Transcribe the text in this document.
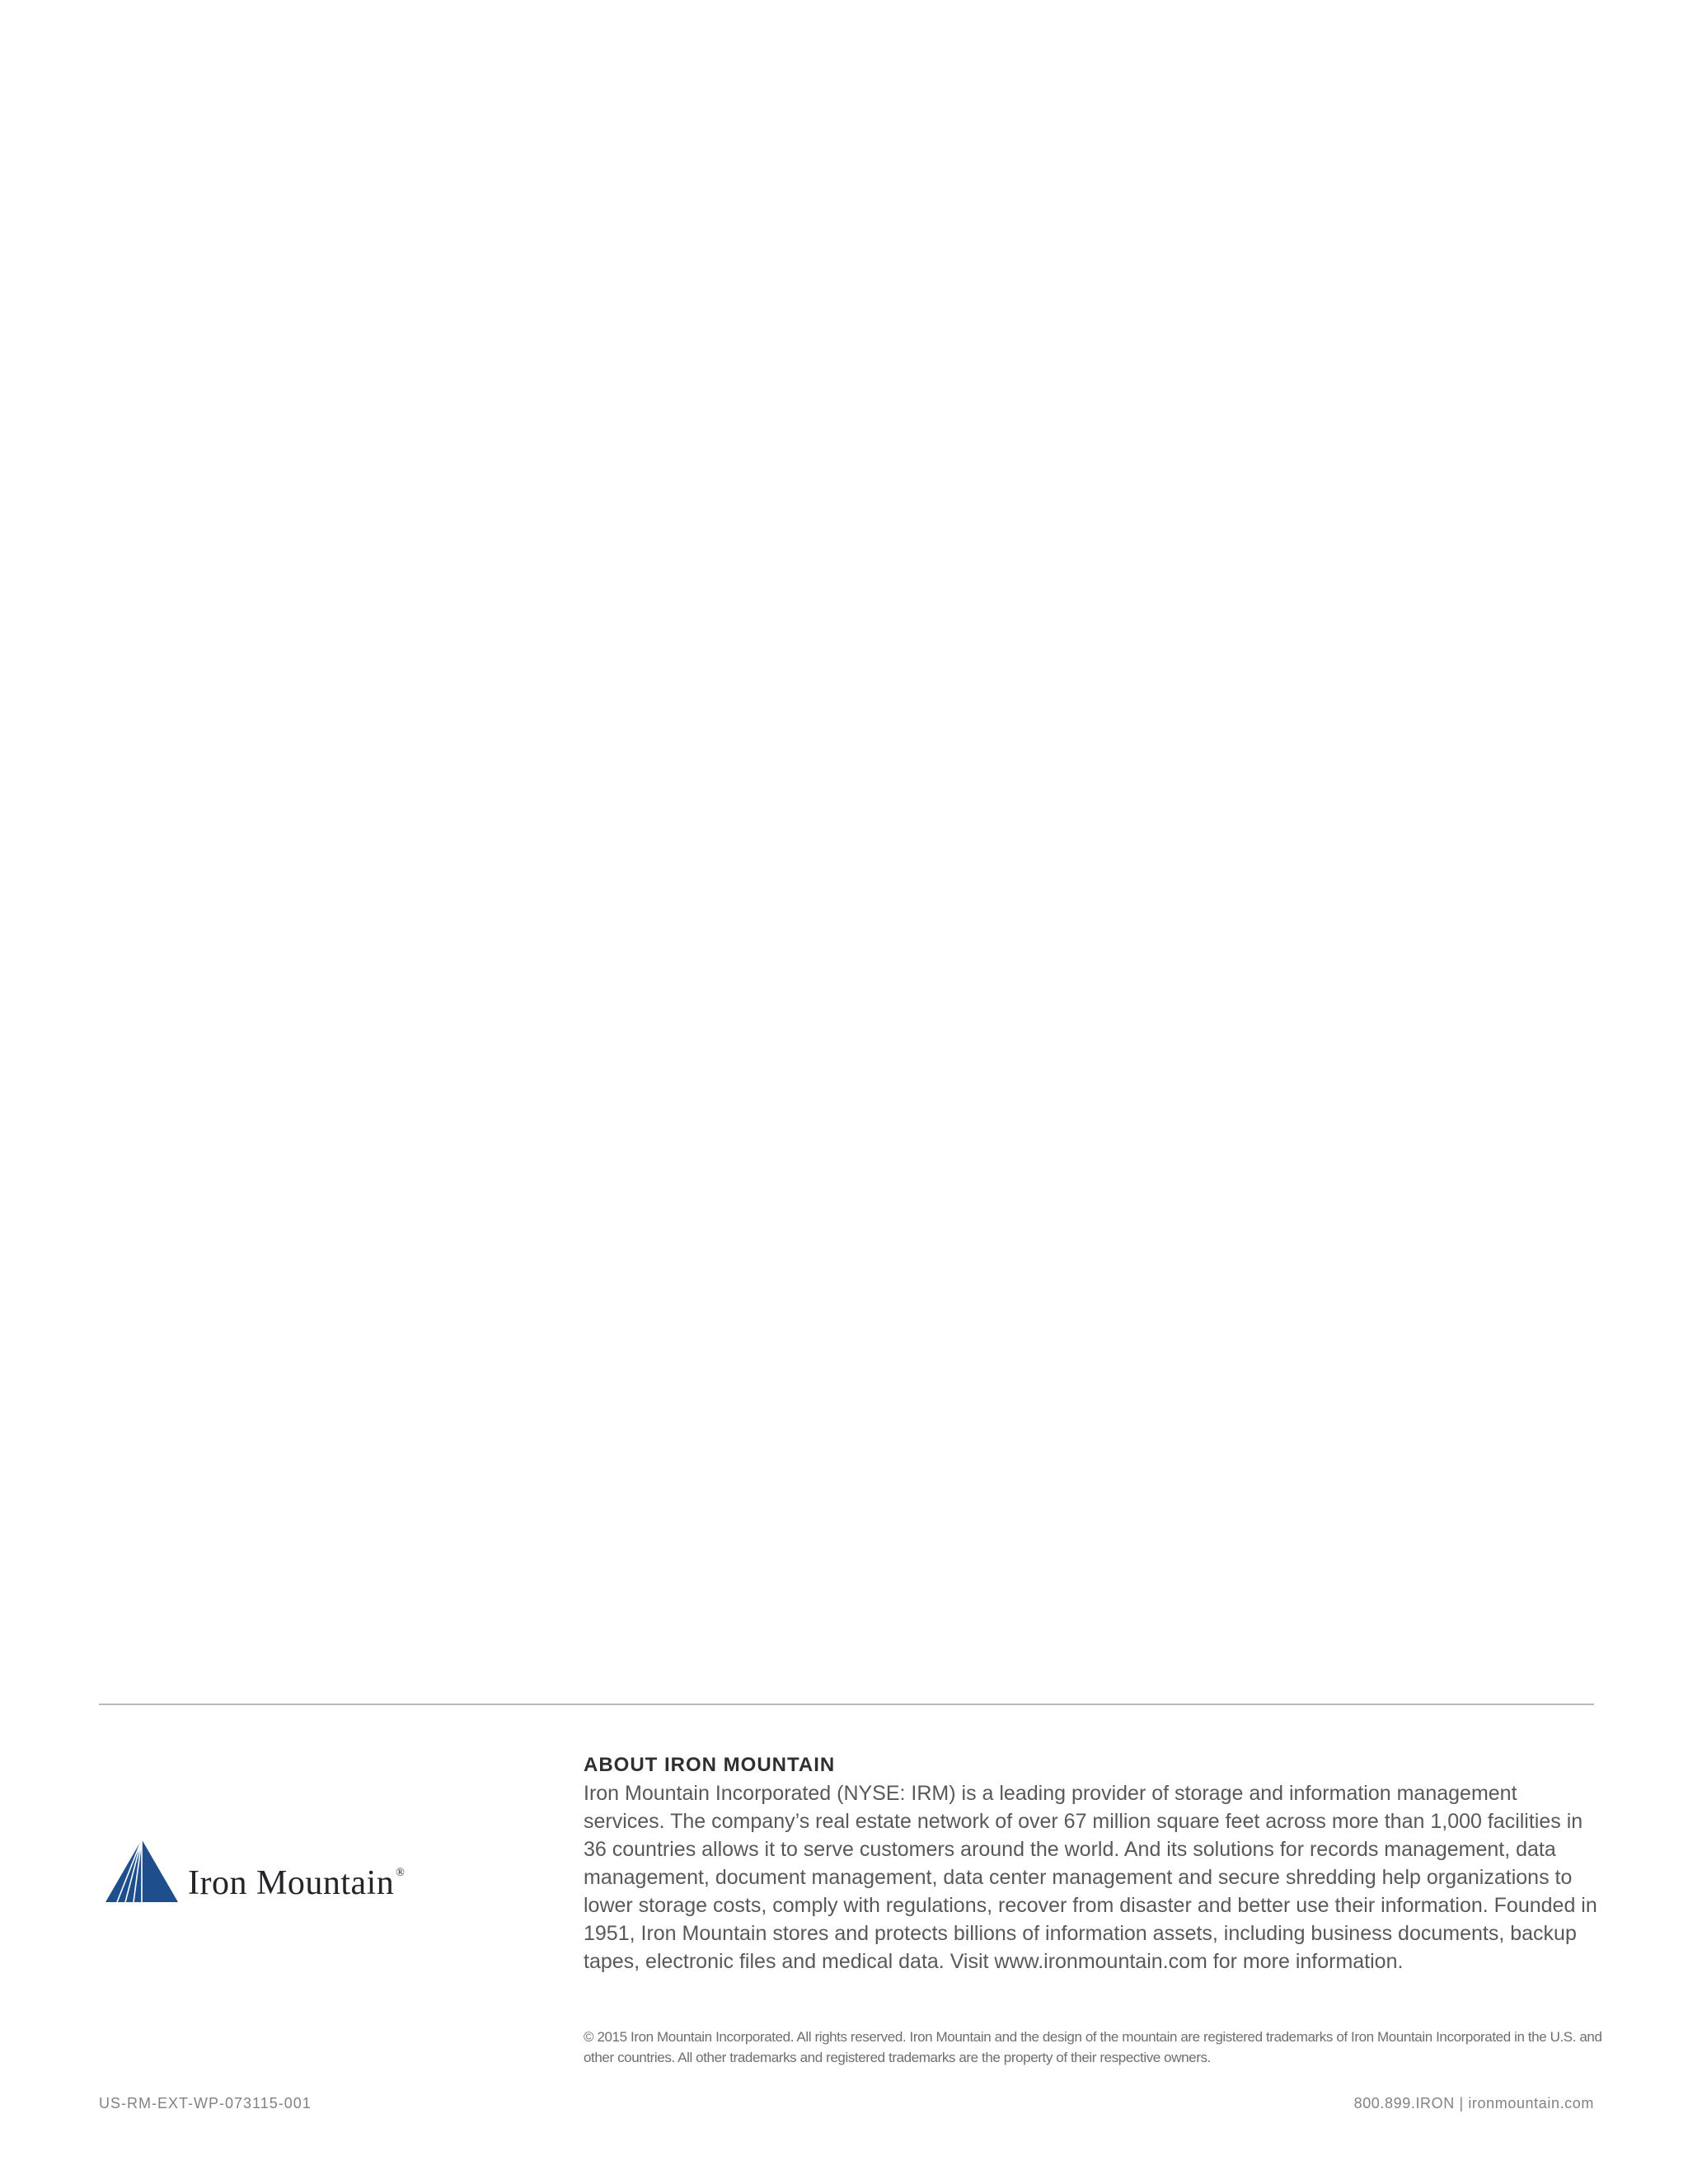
Iron Mountain ®
ABOUT IRON MOUNTAIN

Iron Mountain Incorporated (NYSE: IRM) is a leading provider of storage and information management services. The company’s real estate network of over 67 million square feet across more than 1,000 facilities in 36 countries allows it to serve customers around the world. And its solutions for records management, data management, document management, data center management and secure shredding help organizations to lower storage costs, comply with regulations, recover from disaster and better use their information. Founded in 1951, Iron Mountain stores and protects billions of information assets, including business documents, backup tapes, electronic files and medical data. Visit www.ironmountain.com for more information.

© 2015 Iron Mountain Incorporated. All rights reserved. Iron Mountain and the design of the mountain are registered trademarks of Iron Mountain Incorporated in the U.S. and other countries. All other trademarks and registered trademarks are the property of their respective owners.
US-RM-EXT-WP-073115-001	800.899.IRON | ironmountain.com
